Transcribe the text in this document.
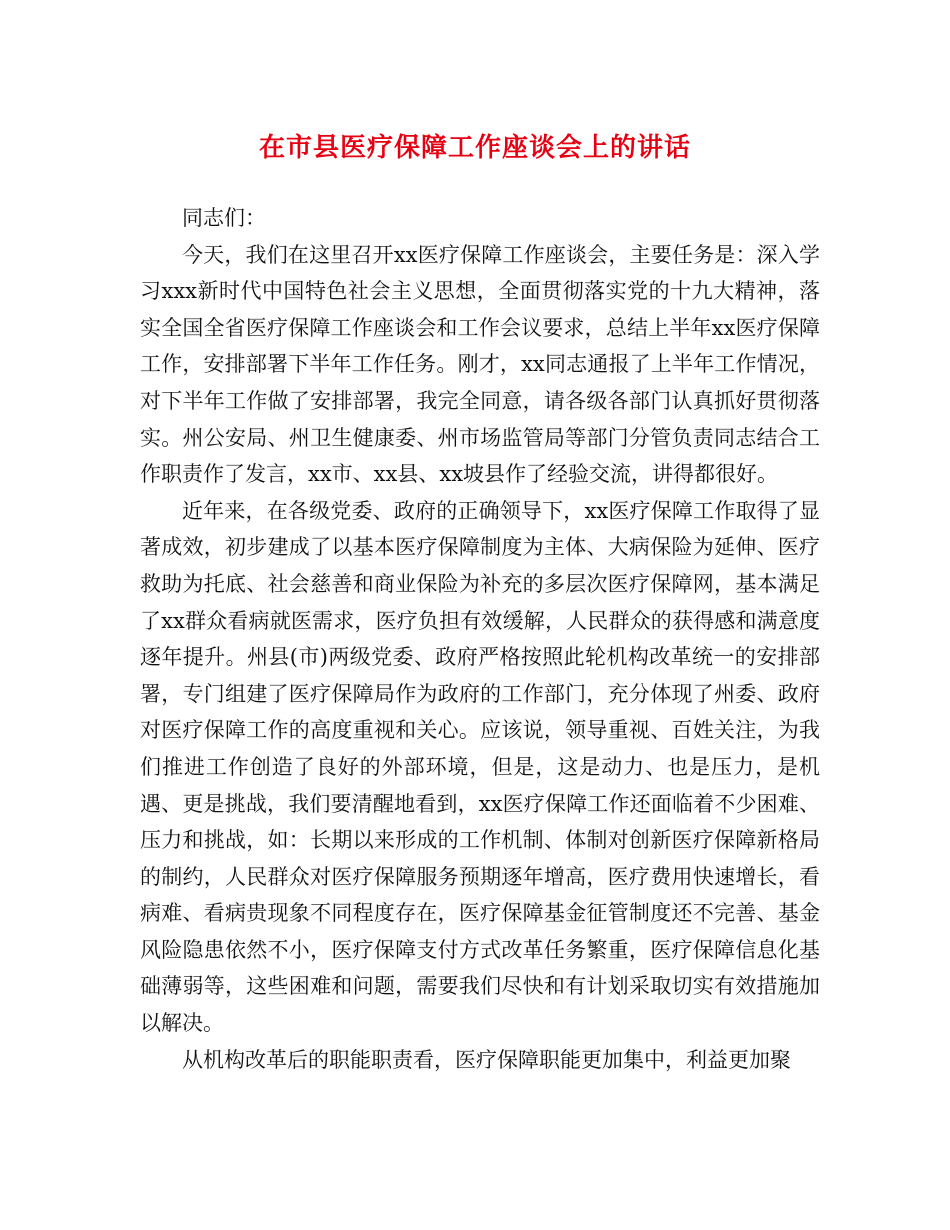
在市县医疗保障工作座谈会上的讲话

同志们：

今天，我们在这里召开xx医疗保障工作座谈会，主要任务是：深入学习xxx新时代中国特色社会主义思想，全面贯彻落实党的十九大精神，落实全国全省医疗保障工作座谈会和工作会议要求，总结上半年xx医疗保障工作，安排部署下半年工作任务。刚才，xx同志通报了上半年工作情况，对下半年工作做了安排部署，我完全同意，请各级各部门认真抓好贯彻落实。州公安局、州卫生健康委、州市场监管局等部门分管负责同志结合工作职责作了发言，xx市、xx县、xx坡县作了经验交流，讲得都很好。

近年来，在各级党委、政府的正确领导下，xx医疗保障工作取得了显著成效，初步建成了以基本医疗保障制度为主体、大病保险为延伸、医疗救助为托底、社会慈善和商业保险为补充的多层次医疗保障网，基本满足了xx群众看病就医需求，医疗负担有效缓解，人民群众的获得感和满意度逐年提升。州县(市)两级党委、政府严格按照此轮机构改革统一的安排部署，专门组建了医疗保障局作为政府的工作部门，充分体现了州委、政府对医疗保障工作的高度重视和关心。应该说，领导重视、百姓关注，为我们推进工作创造了良好的外部环境，但是，这是动力、也是压力，是机遇、更是挑战，我们要清醒地看到，xx医疗保障工作还面临着不少困难、压力和挑战，如：长期以来形成的工作机制、体制对创新医疗保障新格局的制约，人民群众对医疗保障服务预期逐年增高，医疗费用快速增长，看病难、看病贵现象不同程度存在，医疗保障基金征管制度还不完善、基金风险隐患依然不小，医疗保障支付方式改革任务繁重，医疗保障信息化基础薄弱等，这些困难和问题，需要我们尽快和有计划采取切实有效措施加以解决。

从机构改革后的职能职责看，医疗保障职能更加集中，利益更加聚
